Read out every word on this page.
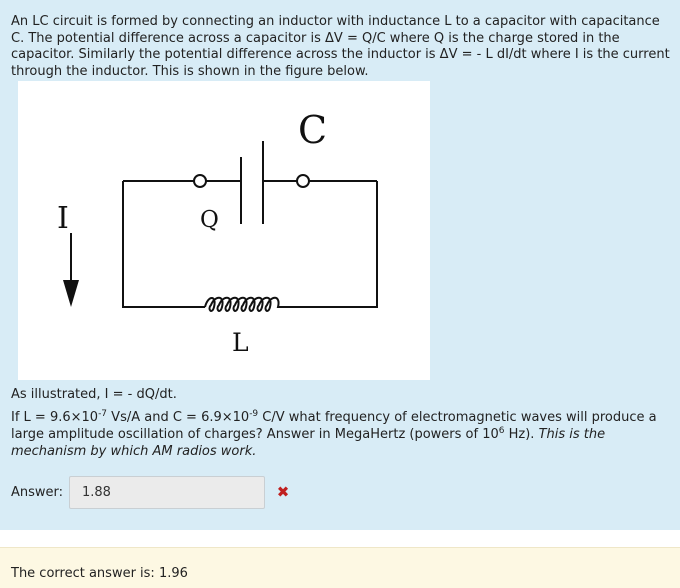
An LC circuit is formed by connecting an inductor with inductance L to a capacitor with capacitance C. The potential difference across a capacitor is ΔV = Q/C where Q is the charge stored in the capacitor. Similarly the potential difference across the inductor is ΔV = - L dI/dt where I is the current through the inductor. This is shown in the figure below.

C
Q
I
L

As illustrated, I = - dQ/dt.

If $L = 9.6\times 10^{-7}$ Vs/A and $C = 6.9\times 10^{-9}$ C/V what frequency of electromagnetic waves will produce a large amplitude oscillation of charges? Answer in MegaHertz (powers of $10^6$ Hz). This is the mechanism by which AM radios work.

Answer:	1.88	✖
The correct answer is: 1.96
